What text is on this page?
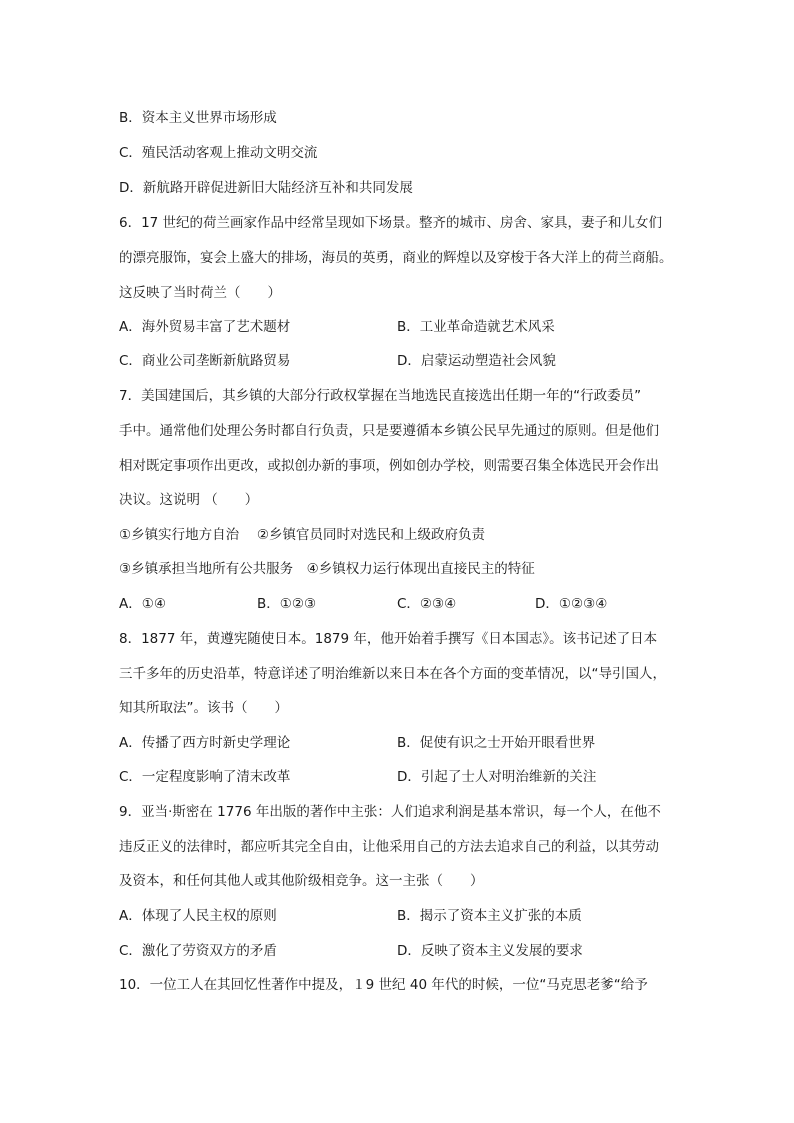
B．资本主义世界市场形成
C．殖民活动客观上推动文明交流
D．新航路开辟促进新旧大陆经济互补和共同发展
6．17 世纪的荷兰画家作品中经常呈现如下场景。整齐的城市、房舍、家具，妻子和儿女们
的漂亮服饰，宴会上盛大的排场，海员的英勇，商业的辉煌以及穿梭于各大洋上的荷兰商船。
这反映了当时荷兰（　　）
A．海外贸易丰富了艺术题材	B．工业革命造就艺术风采
C．商业公司垄断新航路贸易	D．启蒙运动塑造社会风貌
7．美国建国后，其乡镇的大部分行政权掌握在当地选民直接选出任期一年的“行政委员”
手中。通常他们处理公务时都自行负责，只是要遵循本乡镇公民早先通过的原则。但是他们
相对既定事项作出更改，或拟创办新的事项，例如创办学校，则需要召集全体选民开会作出
决议。这说明 （　　）
①乡镇实行地方自治　 ②乡镇官员同时对选民和上级政府负责
③乡镇承担当地所有公共服务　④乡镇权力运行体现出直接民主的特征
A．①④	B．①②③	C．②③④	D．①②③④
8．1877 年，黄遵宪随使日本。1879 年，他开始着手撰写《日本国志》。该书记述了日本
三千多年的历史沿革，特意详述了明治维新以来日本在各个方面的变革情况，以“导引国人，
知其所取法”。该书（　　）
A．传播了西方时新史学理论	B．促使有识之士开始开眼看世界
C．一定程度影响了清末改革	D．引起了士人对明治维新的关注
9．亚当·斯密在 1776 年出版的著作中主张：人们追求利润是基本常识，每一个人，在他不
违反正义的法律时，都应听其完全自由，让他采用自己的方法去追求自己的利益，以其劳动
及资本，和任何其他人或其他阶级相竞争。这一主张（　　）
A．体现了人民主权的原则	B．揭示了资本主义扩张的本质
C．激化了劳资双方的矛盾	D．反映了资本主义发展的要求
10．一位工人在其回忆性著作中提及，１9 世纪 40 年代的时候，一位“马克思老爹“给予
